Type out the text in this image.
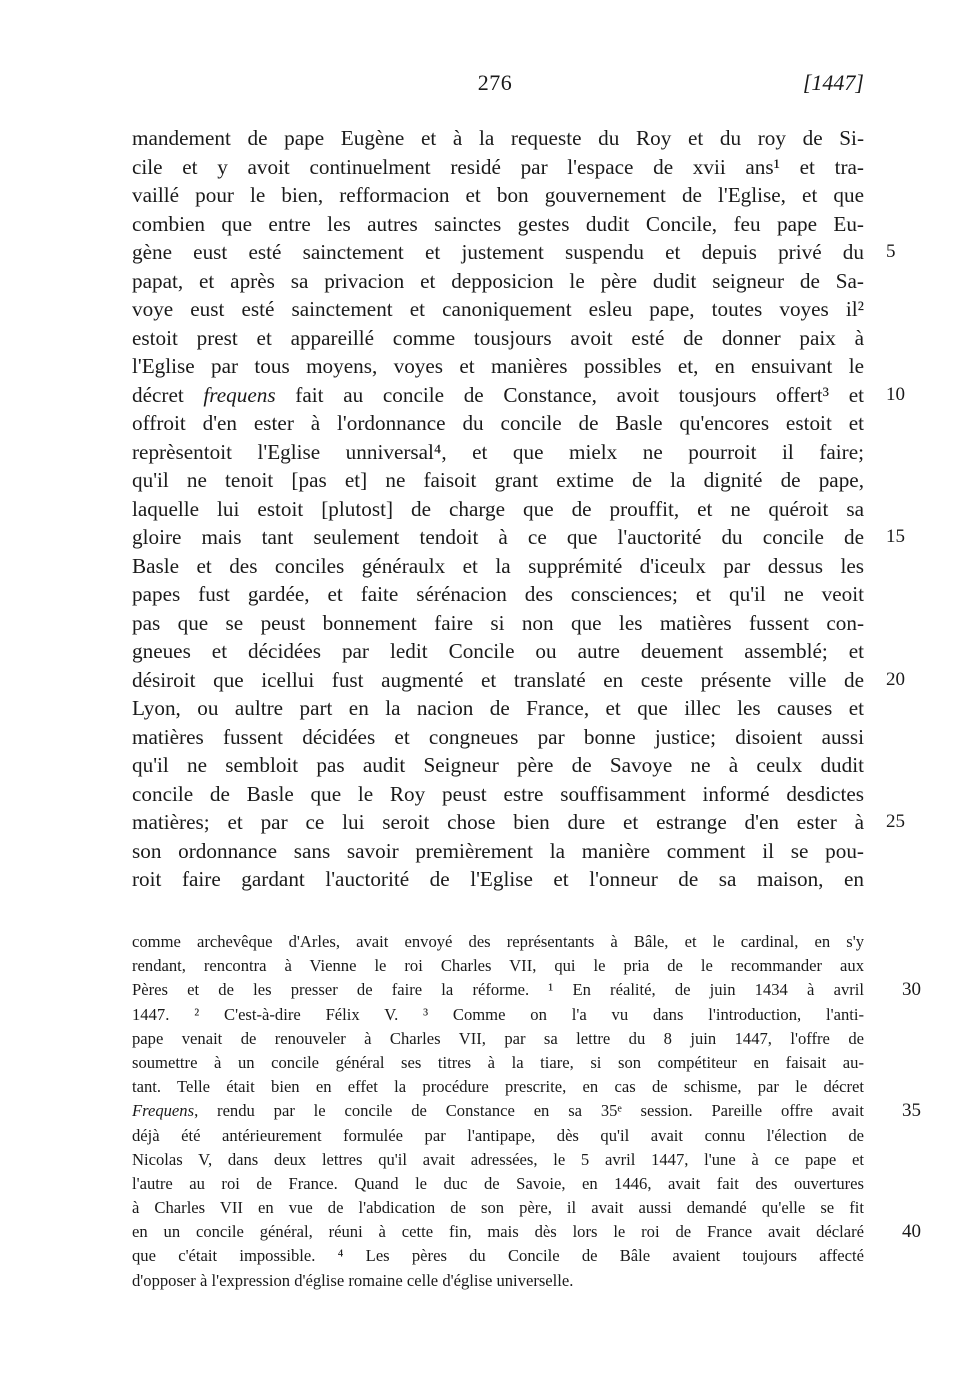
276	[1447]
mandement de pape Eugène et à la requeste du Roy et du roy de Si-
cile et y avoit continuelment residé par l'espace de xvii ans¹ et tra-
vaillé pour le bien, refformacion et bon gouvernement de l'Eglise, et que
combien que entre les autres sainctes gestes dudit Concile, feu pape Eu-
gène eust esté sainctement et justement suspendu et depuis privé du 5
papat, et après sa privacion et depposicion le père dudit seigneur de Sa-
voye eust esté sainctement et canoniquement esleu pape, toutes voyes il²
estoit prest et appareillé comme tousjours avoit esté de donner paix à
l'Eglise par tous moyens, voyes et manières possibles et, en ensuivant le
décret frequens fait au concile de Constance, avoit tousjours offert³ et 10
offroit d'en ester à l'ordonnance du concile de Basle qu'encores estoit et
reprèsentoit l'Eglise unniversal⁴, et que mielx ne pourroit il faire;
qu'il ne tenoit [pas et] ne faisoit grant extime de la dignité de pape,
laquelle lui estoit [plutost] de charge que de prouffit, et ne quéroit sa
gloire mais tant seulement tendoit à ce que l'auctorité du concile de 15
Basle et des conciles généraulx et la supprémité d'iceulx par dessus les
papes fust gardée, et faite sérénacion des consciences; et qu'il ne veoit
pas que se peust bonnement faire si non que les matières fussent con-
gneues et décidées par ledit Concile ou autre deuement assemblé; et
désiroit que icellui fust augmenté et translaté en ceste présente ville de 20
Lyon, ou aultre part en la nacion de France, et que illec les causes et
matières fussent décidées et congneues par bonne justice; disoient aussi
qu'il ne sembloit pas audit Seigneur père de Savoye ne à ceulx dudit
concile de Basle que le Roy peust estre souffisamment informé desdictes
matières; et par ce lui seroit chose bien dure et estrange d'en ester à 25
son ordonnance sans savoir premièrement la manière comment il se pou-
roit faire gardant l'auctorité de l'Eglise et l'onneur de sa maison, en
comme archevêque d'Arles, avait envoyé des représentants à Bâle, et le cardinal, en s'y
rendant, rencontra à Vienne le roi Charles VII, qui le pria de le recommander aux
Pères et de les presser de faire la réforme. ¹ En réalité, de juin 1434 à avril 30
1447. ² C'est-à-dire Félix V. ³ Comme on l'a vu dans l'introduction, l'anti-
pape venait de renouveler à Charles VII, par sa lettre du 8 juin 1447, l'offre de
soumettre à un concile général ses titres à la tiare, si son compétiteur en faisait au-
tant. Telle était bien en effet la procédure prescrite, en cas de schisme, par le décret
Frequens, rendu par le concile de Constance en sa 35ᵉ session. Pareille offre avait 35
déjà été antérieurement formulée par l'antipape, dès qu'il avait connu l'élection de
Nicolas V, dans deux lettres qu'il avait adressées, le 5 avril 1447, l'une à ce pape et
l'autre au roi de France. Quand le duc de Savoie, en 1446, avait fait des ouvertures
à Charles VII en vue de l'abdication de son père, il avait aussi demandé qu'elle se fit
en un concile général, réuni à cette fin, mais dès lors le roi de France avait déclaré 40
que c'était impossible. ⁴ Les pères du Concile de Bâle avaient toujours affecté
d'opposer à l'expression d'église romaine celle d'église universelle.
